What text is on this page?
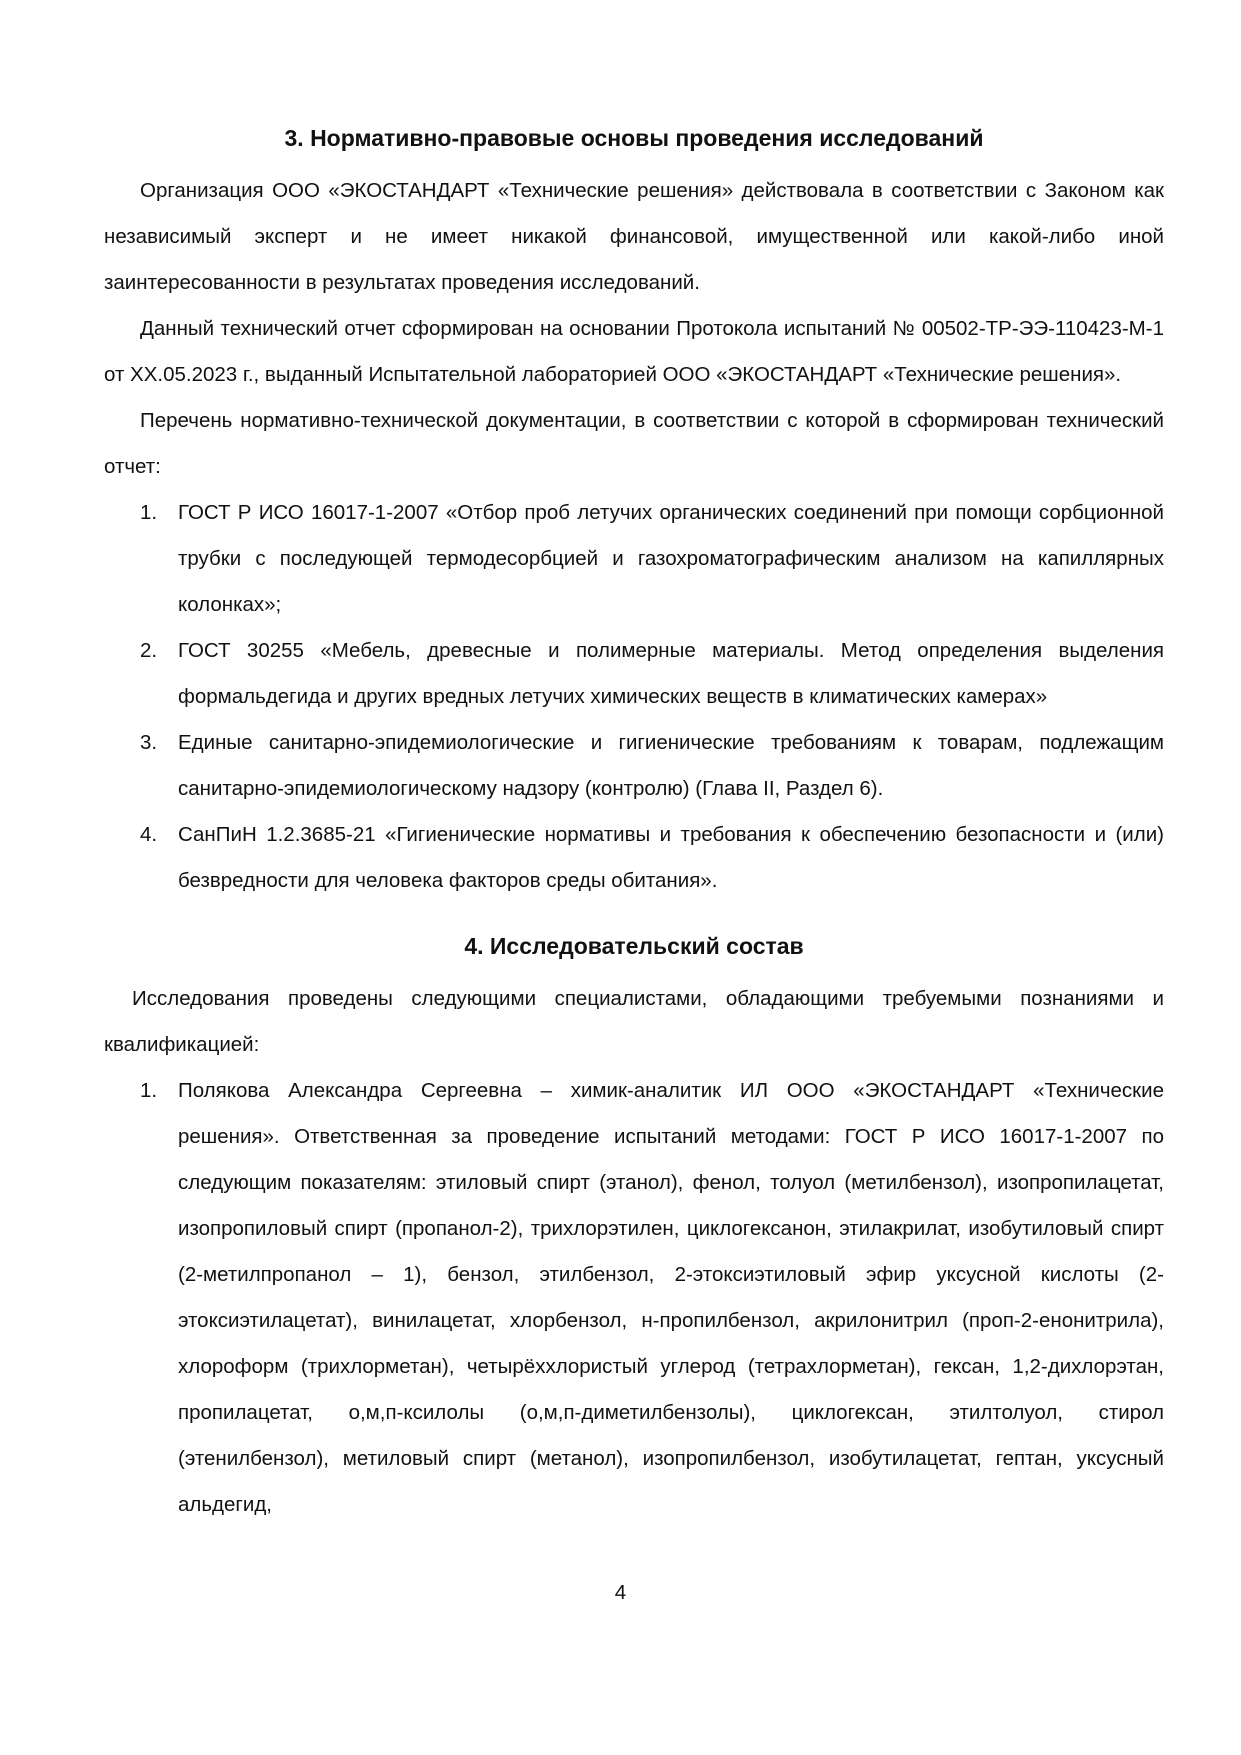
3. Нормативно-правовые основы проведения исследований

Организация ООО «ЭКОСТАНДАРТ «Технические решения» действовала в соответствии с Законом как независимый эксперт и не имеет никакой финансовой, имущественной или какой-либо иной заинтересованности в результатах проведения исследований.

Данный технический отчет сформирован на основании Протокола испытаний № 00502-ТР-ЭЭ-110423-М-1 от ХХ.05.2023 г., выданный Испытательной лабораторией ООО «ЭКОСТАНДАРТ «Технические решения».

Перечень нормативно-технической документации, в соответствии с которой в сформирован технический отчет:

1. ГОСТ Р ИСО 16017-1-2007 «Отбор проб летучих органических соединений при помощи сорбционной трубки с последующей термодесорбцией и газохроматографическим анализом на капиллярных колонках»;
2. ГОСТ 30255 «Мебель, древесные и полимерные материалы. Метод определения выделения формальдегида и других вредных летучих химических веществ в климатических камерах»
3. Единые санитарно-эпидемиологические и гигиенические требованиям к товарам, подлежащим санитарно-эпидемиологическому надзору (контролю) (Глава II, Раздел 6).
4. СанПиН 1.2.3685-21 «Гигиенические нормативы и требования к обеспечению безопасности и (или) безвредности для человека факторов среды обитания».
4. Исследовательский состав

Исследования проведены следующими специалистами, обладающими требуемыми познаниями и квалификацией:

1. Полякова Александра Сергеевна – химик-аналитик ИЛ ООО «ЭКОСТАНДАРТ «Технические решения». Ответственная за проведение испытаний методами: ГОСТ Р ИСО 16017-1-2007 по следующим показателям: этиловый спирт (этанол), фенол, толуол (метилбензол), изопропилацетат, изопропиловый спирт (пропанол-2), трихлорэтилен, циклогексанон, этилакрилат, изобутиловый спирт (2-метилпропанол – 1), бензол, этилбензол, 2-этоксиэтиловый эфир уксусной кислоты (2-этоксиэтилацетат), винилацетат, хлорбензол, н-пропилбензол, акрилонитрил (проп-2-енонитрила), хлороформ (трихлорметан), четырёххлористый углерод (тетрахлорметан), гексан, 1,2-дихлорэтан, пропилацетат, о,м,п-ксилолы (о,м,п-диметилбензолы), циклогексан, этилтолуол, стирол (этенилбензол), метиловый спирт (метанол), изопропилбензол, изобутилацетат, гептан, уксусный альдегид,
4
